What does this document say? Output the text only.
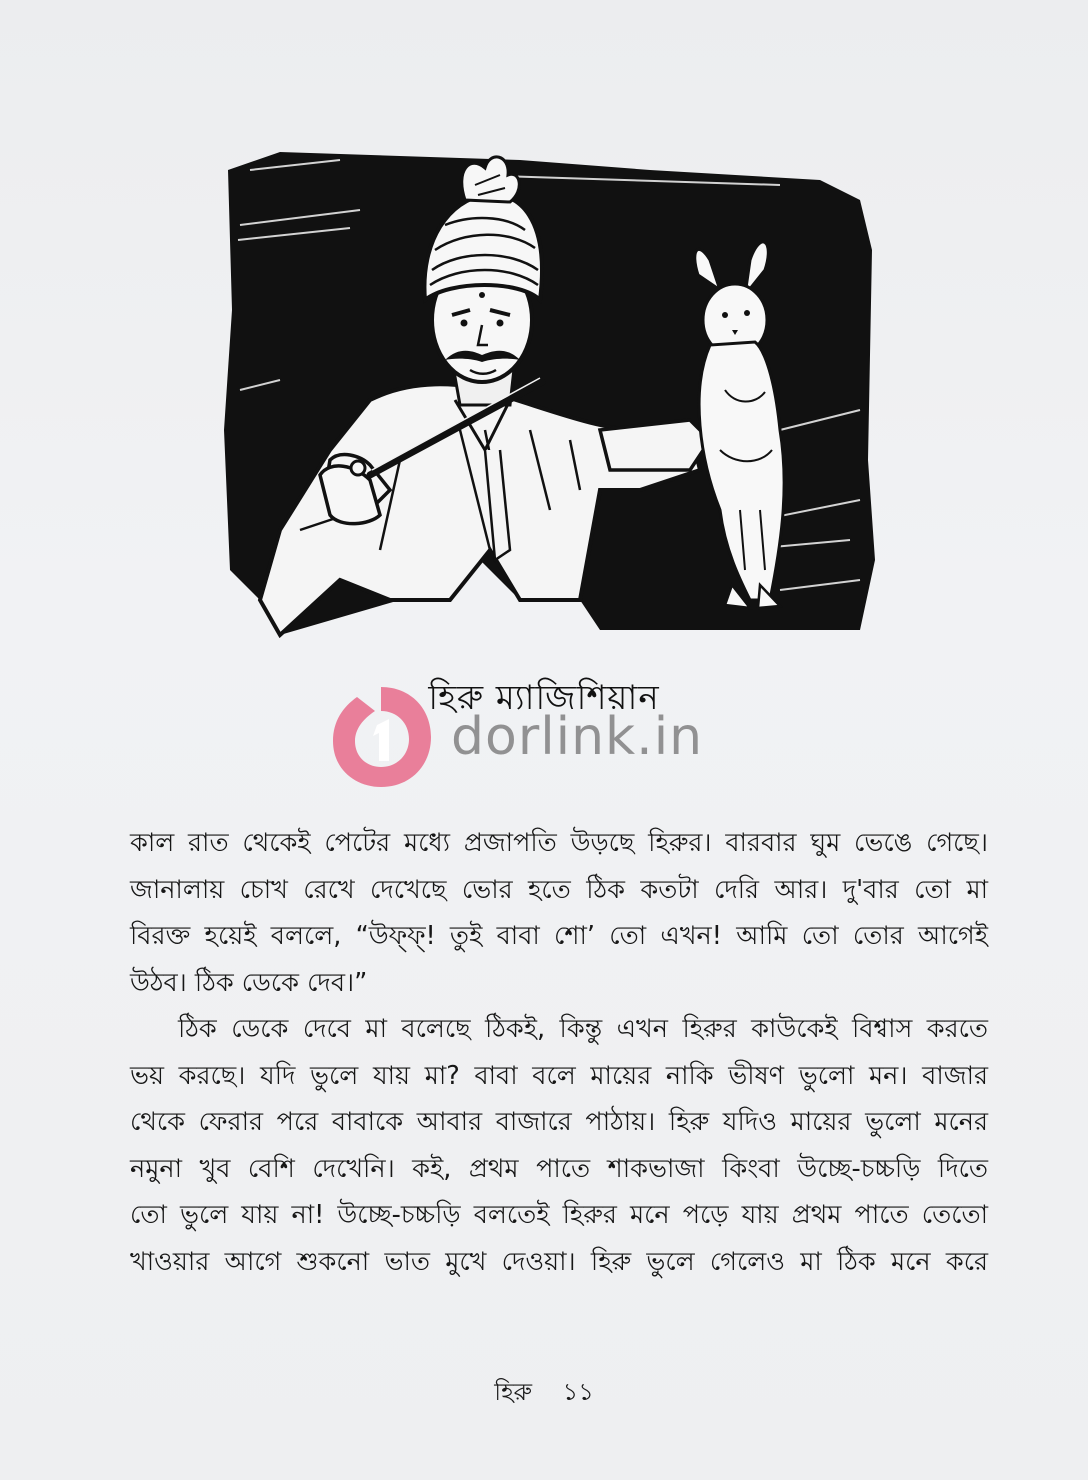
হিরু ম্যাজিশিয়ান
dorlink.in

কাল রাত থেকেই পেটের মধ্যে প্রজাপতি উড়ছে হিরুর। বারবার ঘুম ভেঙে গেছে।
জানালায় চোখ রেখে দেখেছে ভোর হতে ঠিক কতটা দেরি আর। দু'বার তো মা
বিরক্ত হয়েই বললে, “উফ্‌ফ্‌! তুই বাবা শো’ তো এখন! আমি তো তোর আগেই
উঠব। ঠিক ডেকে দেব।”

ঠিক ডেকে দেবে মা বলেছে ঠিকই, কিন্তু এখন হিরুর কাউকেই বিশ্বাস করতে
ভয় করছে। যদি ভুলে যায় মা? বাবা বলে মায়ের নাকি ভীষণ ভুলো মন। বাজার
থেকে ফেরার পরে বাবাকে আবার বাজারে পাঠায়। হিরু যদিও মায়ের ভুলো মনের
নমুনা খুব বেশি দেখেনি। কই, প্রথম পাতে শাকভাজা কিংবা উচ্ছে-চচ্চড়ি দিতে
তো ভুলে যায় না! উচ্ছে-চচ্চড়ি বলতেই হিরুর মনে পড়ে যায় প্রথম পাতে তেতো
খাওয়ার আগে শুকনো ভাত মুখে দেওয়া। হিরু ভুলে গেলেও মা ঠিক মনে করে

হিরু ১১
